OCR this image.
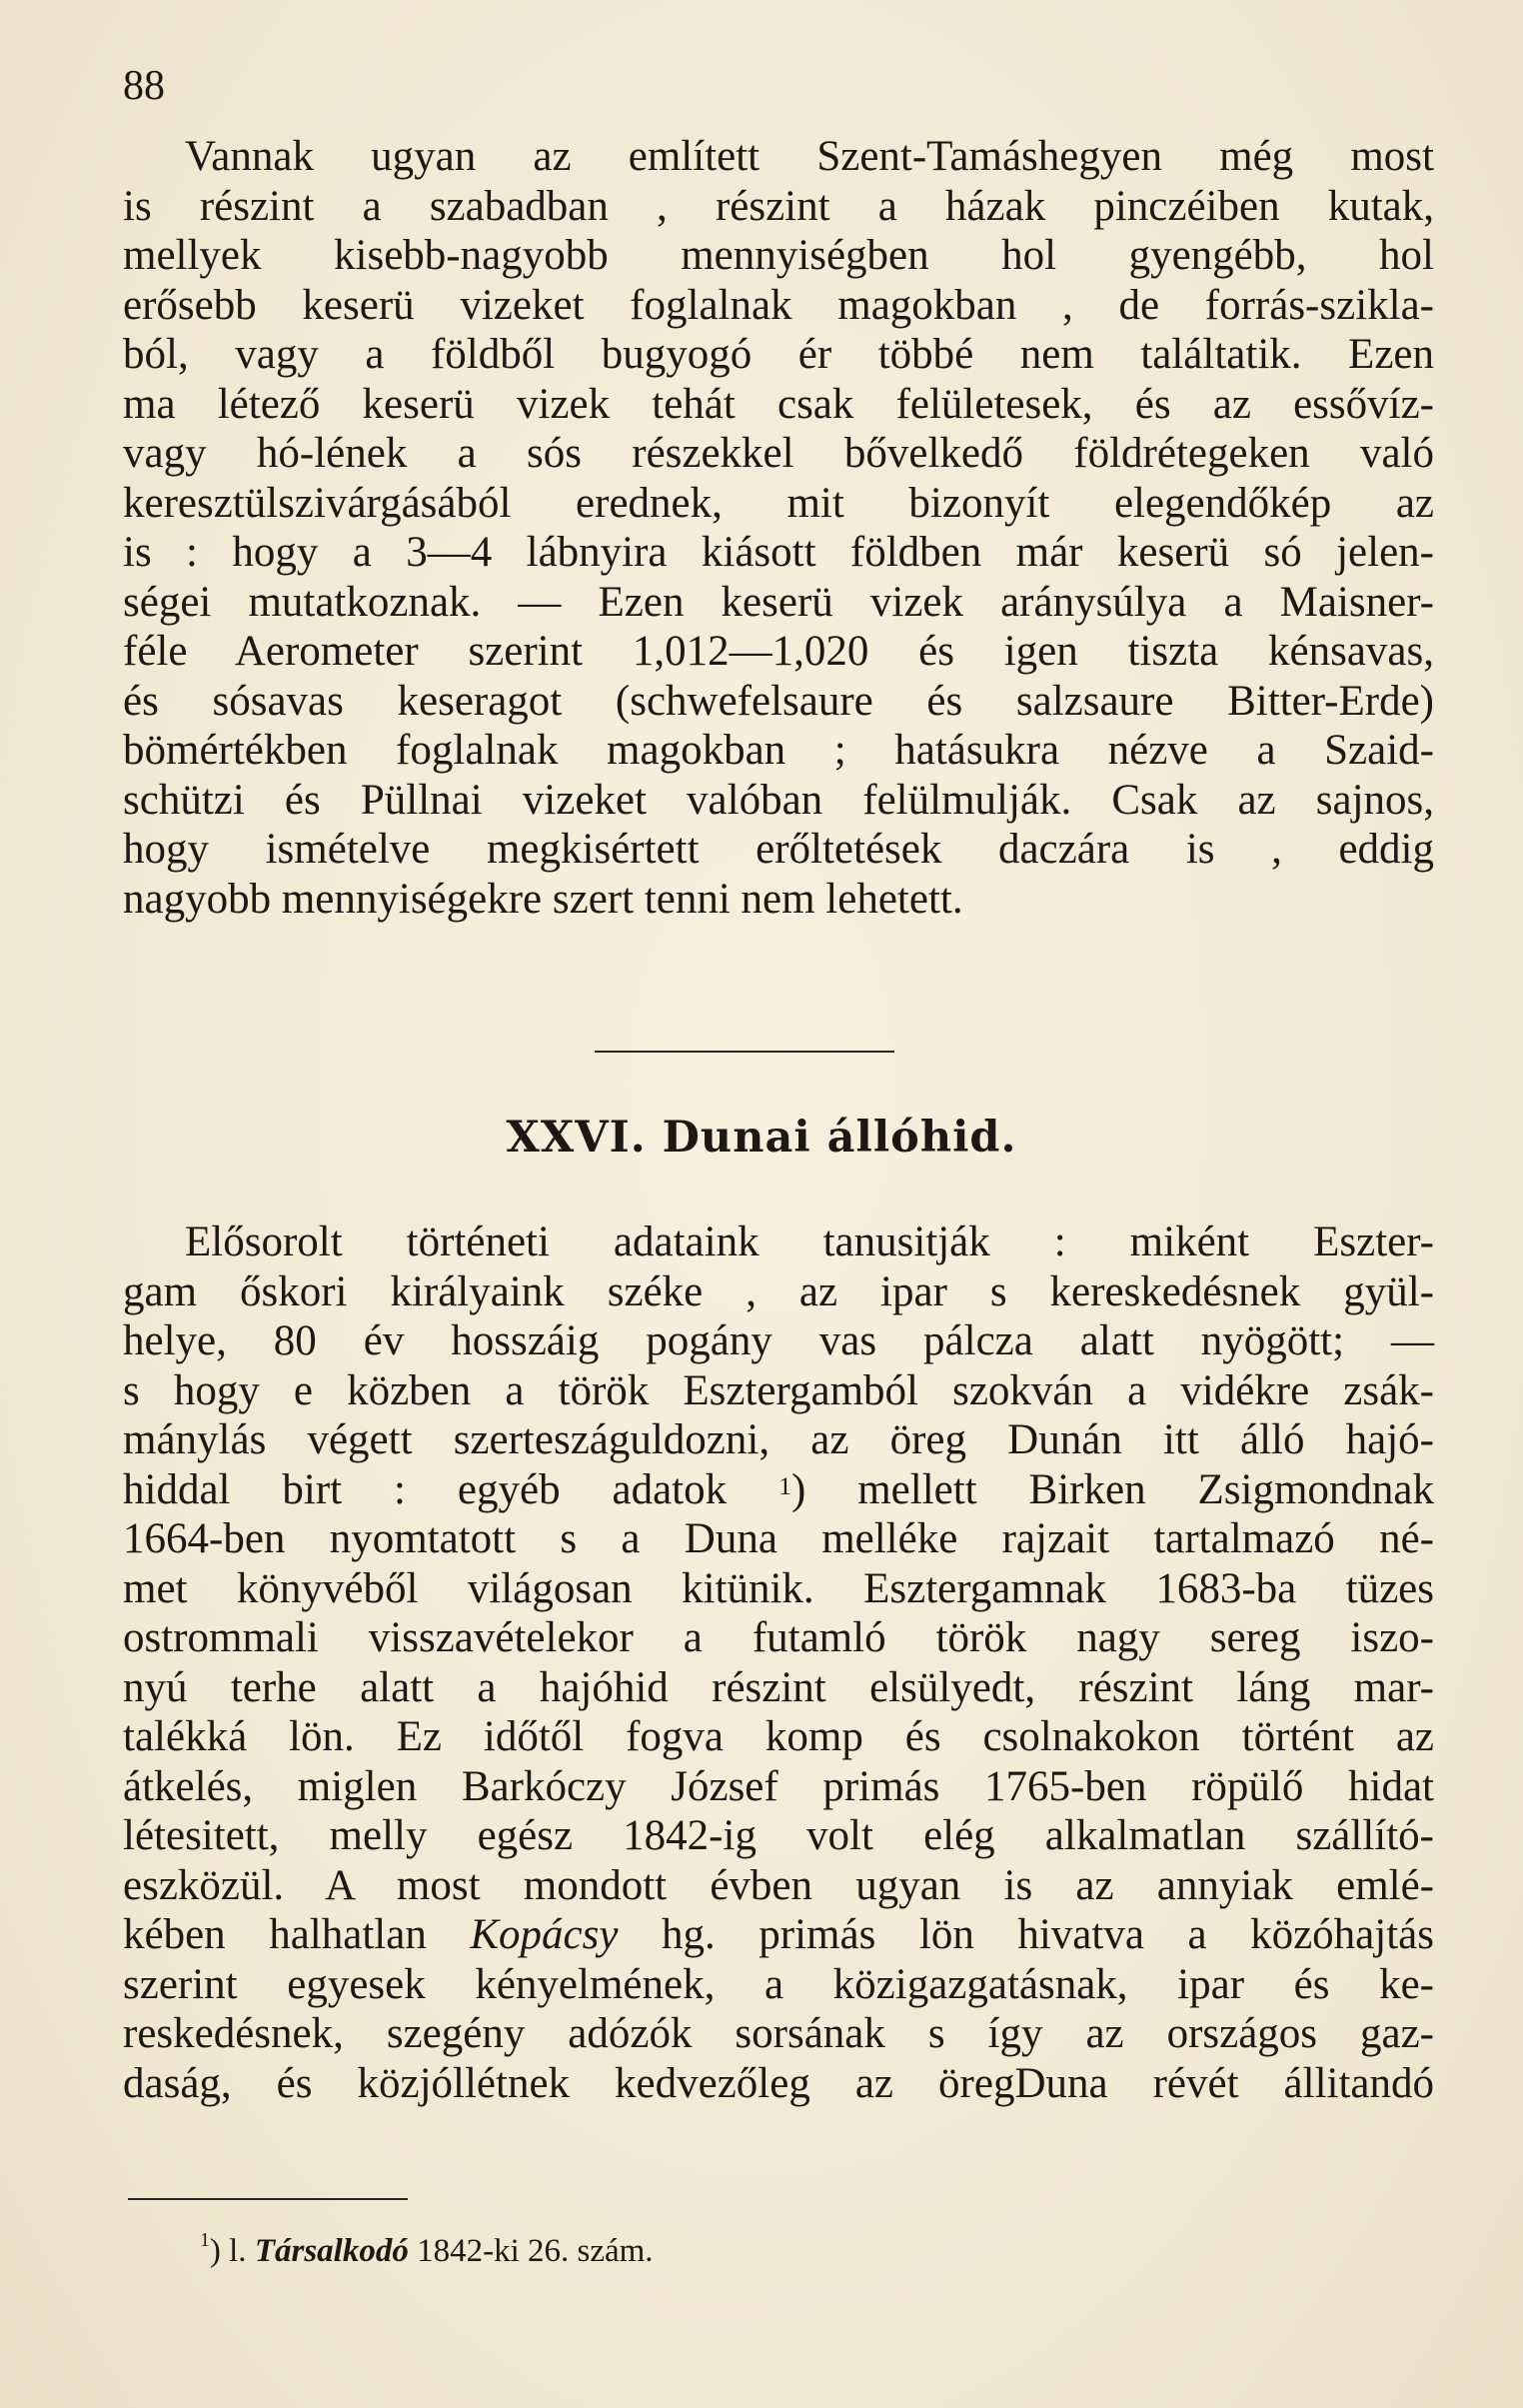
88
Vannak ugyan az említett Szent-Tamáshegyen még most
is részint a szabadban , részint a házak pinczéiben kutak,
mellyek kisebb-nagyobb mennyiségben hol gyengébb, hol
erősebb keserü vizeket foglalnak magokban , de forrás-szikla-
ból, vagy a földből bugyogó ér többé nem találtatik. Ezen
ma létező keserü vizek tehát csak felületesek, és az essővíz-
vagy hó-lének a sós részekkel bővelkedő földrétegeken való
keresztülszivárgásából erednek, mit bizonyít elegendőkép az
is : hogy a 3—4 lábnyira kiásott földben már keserü só jelen-
ségei mutatkoznak. — Ezen keserü vizek aránysúlya a Maisner-
féle Aerometer szerint 1,012—1,020 és igen tiszta kénsavas,
és sósavas keseragot (schwefelsaure és salzsaure Bitter-Erde)
bömértékben foglalnak magokban ; hatásukra nézve a Szaid-
schützi és Püllnai vizeket valóban felülmulják. Csak az sajnos,
hogy ismételve megkisértett erőltetések daczára is , eddig
nagyobb mennyiségekre szert tenni nem lehetett.
XXVI. Dunai állóhid.
Elősorolt történeti adataink tanusitják : miként Eszter-
gam őskori királyaink széke , az ipar s kereskedésnek gyül-
helye, 80 év hosszáig pogány vas pálcza alatt nyögött; —
s hogy e közben a török Esztergamból szokván a vidékre zsák-
mánylás végett szerteszáguldozni, az öreg Dunán itt álló hajó-
hiddal birt : egyéb adatok $^1$) mellett Birken Zsigmondnak
1664-ben nyomtatott s a Duna melléke rajzait tartalmazó né-
met könyvéből világosan kitünik. Esztergamnak 1683-ba tüzes
ostrommali visszavételekor a futamló török nagy sereg iszo-
nyú terhe alatt a hajóhid részint elsülyedt, részint láng mar-
talékká lön. Ez időtől fogva komp és csolnakokon történt az
átkelés, miglen Barkóczy József primás 1765-ben röpülő hidat
létesitett, melly egész 1842-ig volt elég alkalmatlan szállító-
eszközül. A most mondott évben ugyan is az annyiak emlé-
kében halhatlan Kopácsy hg. primás lön hivatva a közóhajtás
szerint egyesek kényelmének, a közigazgatásnak, ipar és ke-
reskedésnek, szegény adózók sorsának s így az országos gaz-
daság, és közjóllétnek kedvezőleg az öregDuna révét állitandó
$^1$) l. Társalkodó 1842-ki 26. szám.
